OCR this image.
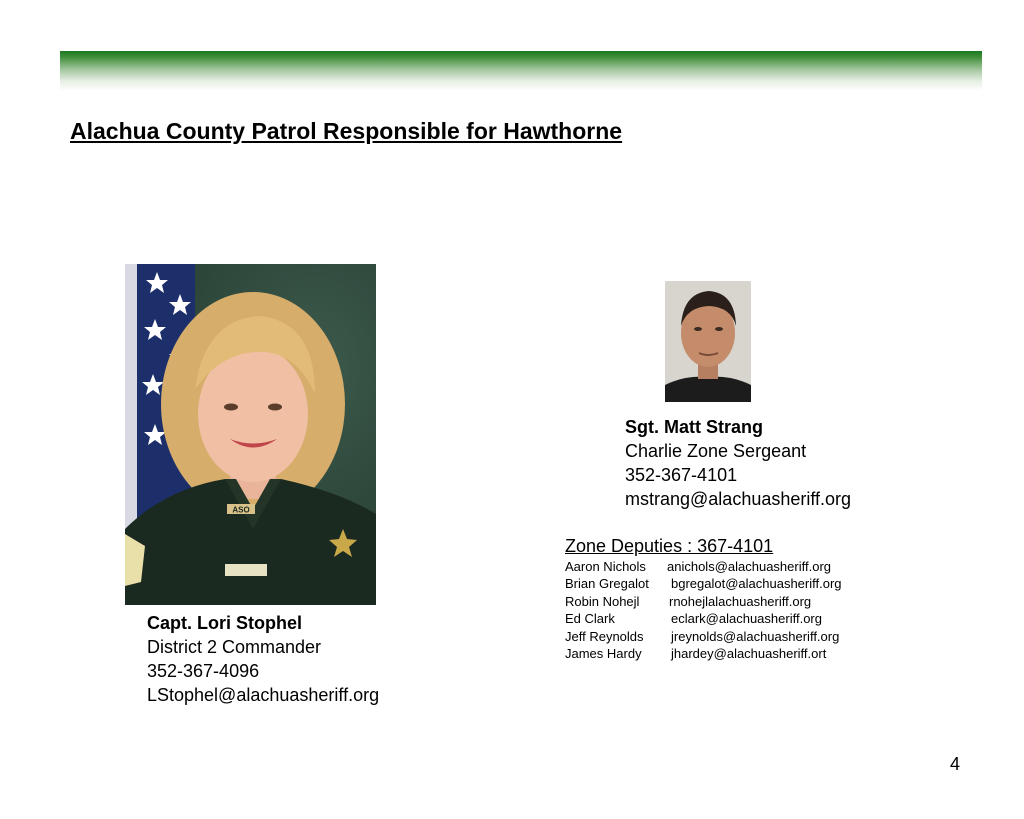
Alachua County Patrol Responsible for Hawthorne
ASO
Sgt. Matt Strang
Charlie Zone Sergeant
352-367-4101
mstrang@alachuasheriff.org
Zone Deputies : 367-4101
Aaron Nichols anichols@alachuasheriff.org
Brian Gregalot bgregalot@alachuasheriff.org
Robin Nohejl rnohejlalachuasheriff.org
Ed Clark	eclark@alachuasheriff.org
Jeff Reynolds jreynolds@alachuasheriff.org
James Hardy jhardey@alachuasheriff.ort
Capt. Lori Stophel
District 2 Commander
352-367-4096
LStophel@alachuasheriff.org
4
